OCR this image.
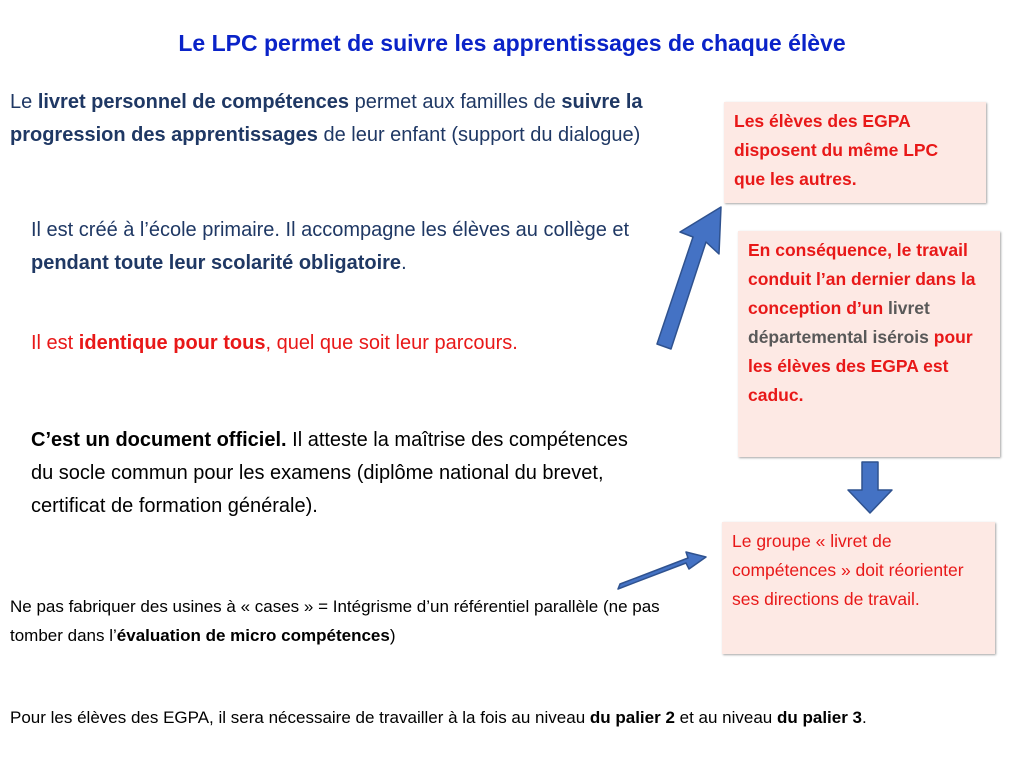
Le LPC permet de suivre les apprentissages de chaque élève
Le livret personnel de compétences permet aux familles de suivre la progression des apprentissages de leur enfant (support du dialogue)
Il est créé à l’école primaire. Il accompagne les élèves au collège et pendant toute leur scolarité obligatoire.
Il est identique pour tous, quel que soit leur parcours.
C’est un document officiel. Il atteste la maîtrise des compétences du socle commun pour les examens (diplôme national du brevet, certificat de formation générale).
Ne pas fabriquer des usines à « cases » = Intégrisme d’un référentiel parallèle (ne pas tomber dans l’évaluation de micro compétences)
Pour les élèves des EGPA, il sera nécessaire de travailler à la fois au niveau du palier 2 et au niveau du palier 3.
Les élèves des EGPA disposent du même LPC que les autres.
En conséquence, le travail conduit l’an dernier dans la conception d’un livret départemental isérois pour les élèves des EGPA est caduc.
Le groupe « livret de compétences » doit réorienter ses directions de travail.
